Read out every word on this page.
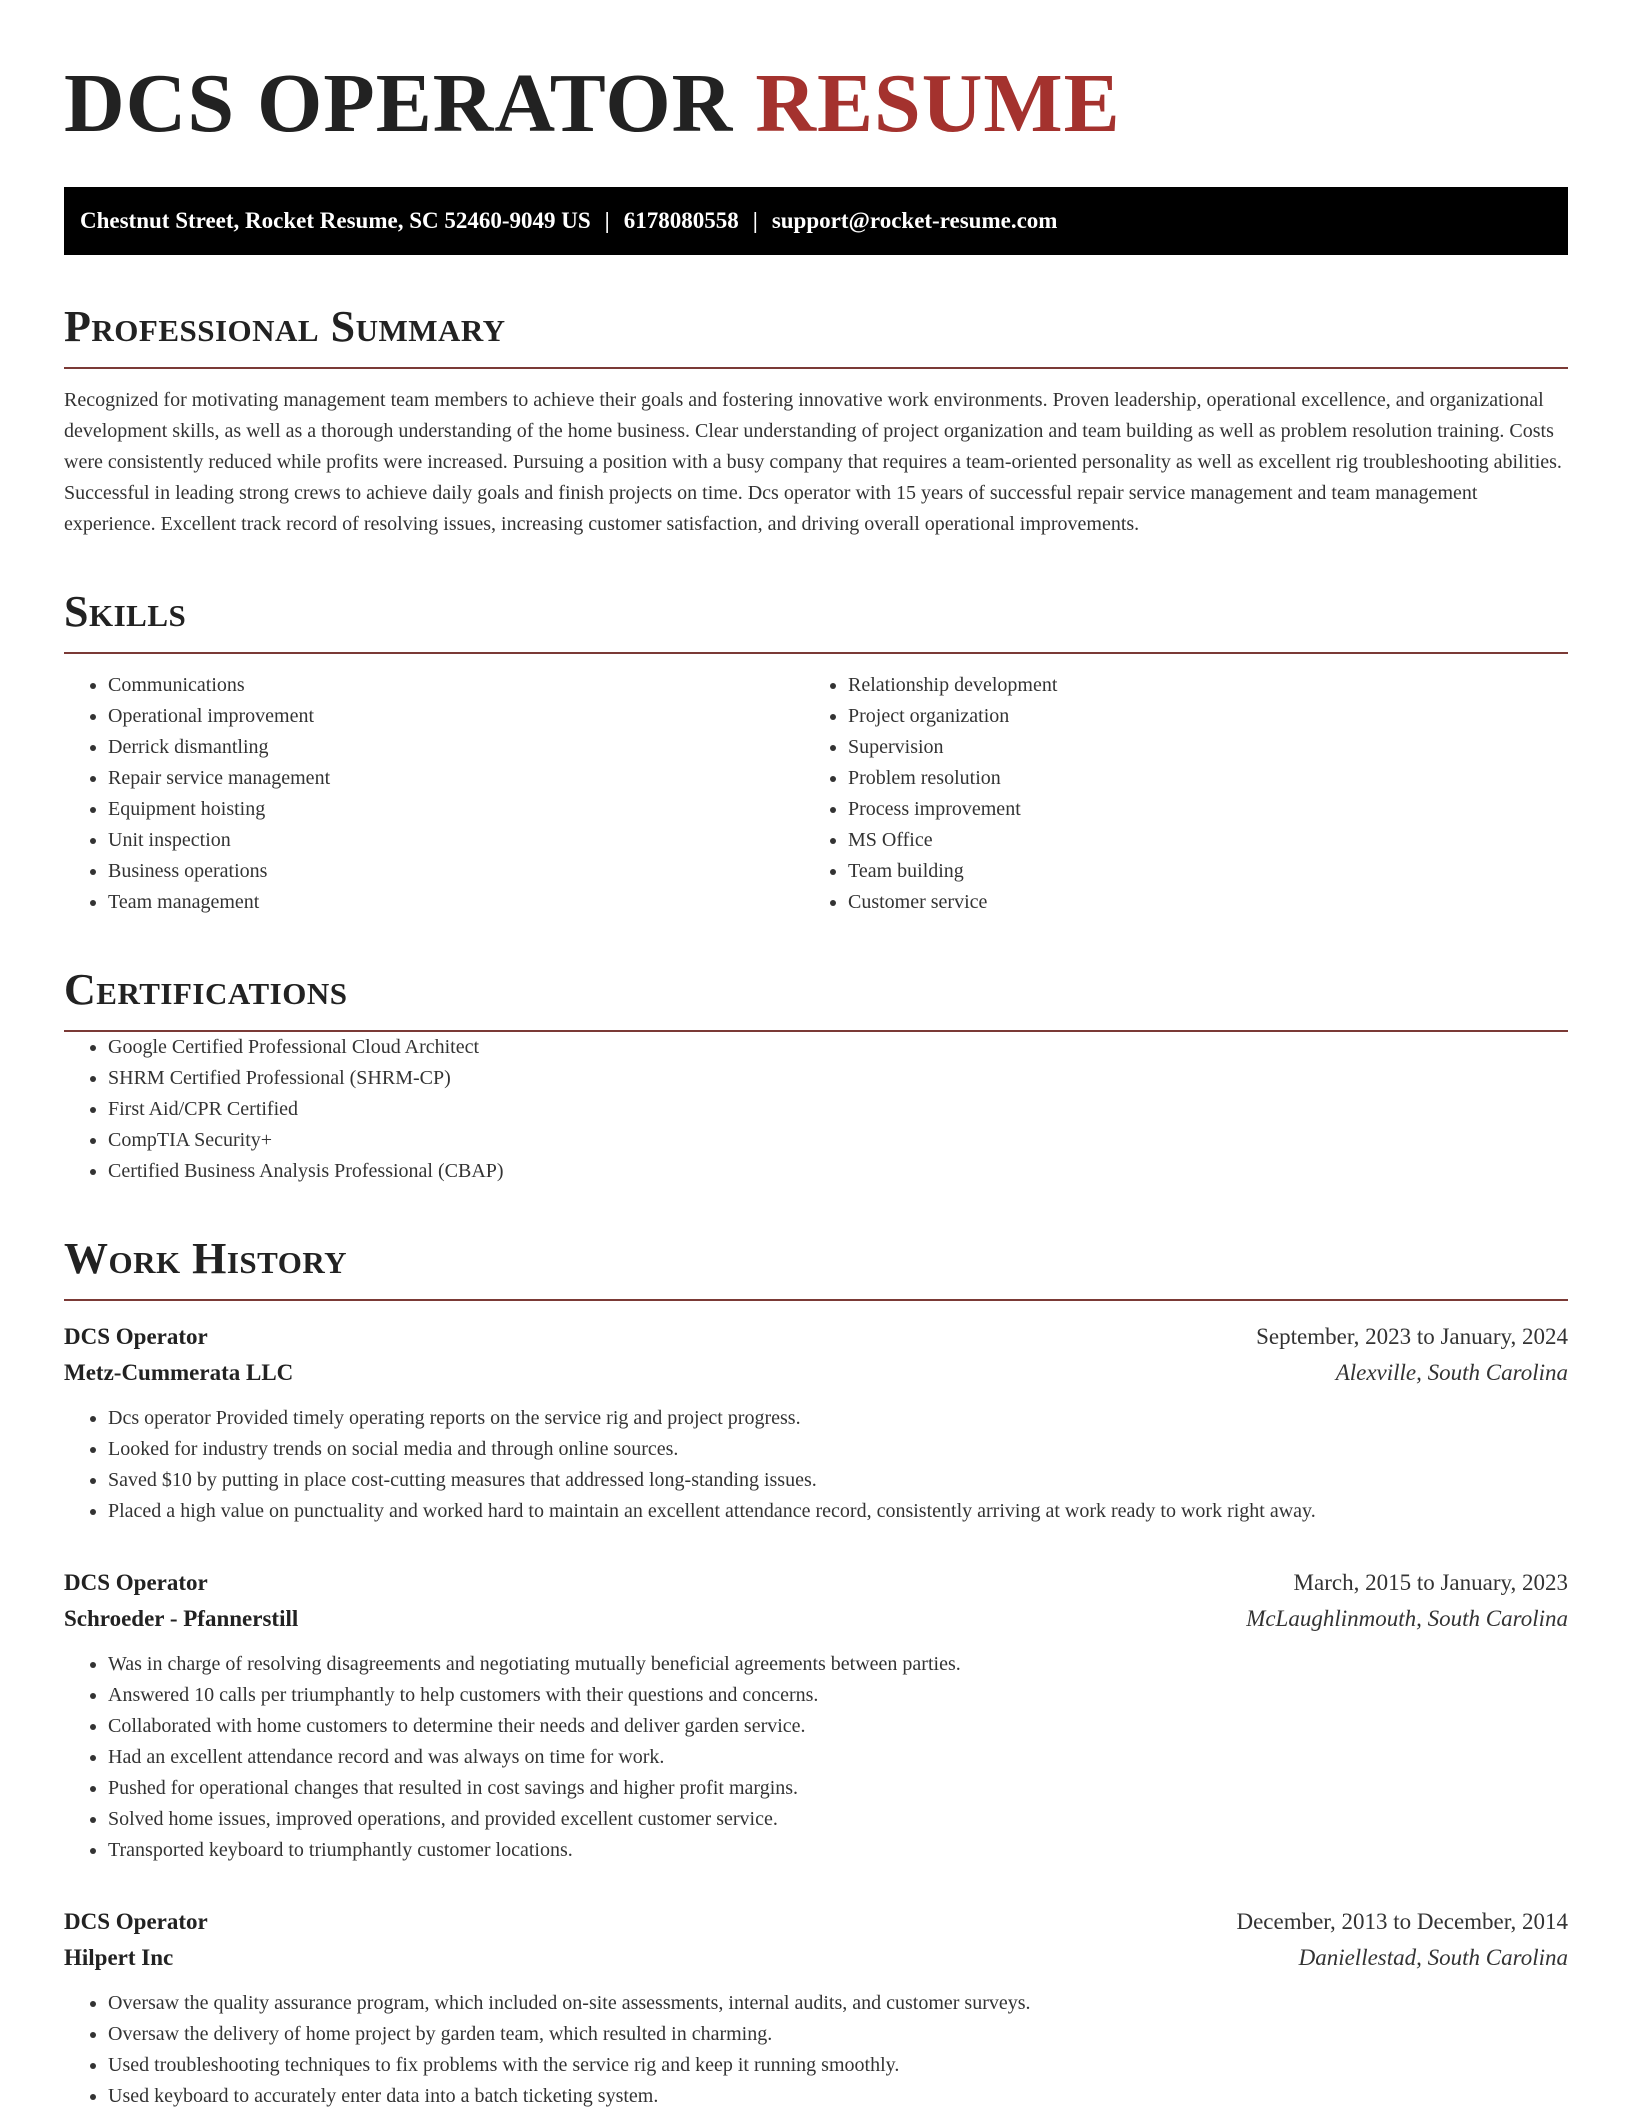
DCS OPERATOR RESUME
Chestnut Street, Rocket Resume, SC 52460-9049 US | 6178080558 | support@rocket-resume.com
Professional Summary

Recognized for motivating management team members to achieve their goals and fostering innovative work environments. Proven leadership, operational excellence, and organizational development skills, as well as a thorough understanding of the home business. Clear understanding of project organization and team building as well as problem resolution training. Costs were consistently reduced while profits were increased. Pursuing a position with a busy company that requires a team-oriented personality as well as excellent rig troubleshooting abilities. Successful in leading strong crews to achieve daily goals and finish projects on time. Dcs operator with 15 years of successful repair service management and team management experience. Excellent track record of resolving issues, increasing customer satisfaction, and driving overall operational improvements.

Skills
• Communications
• Operational improvement
• Derrick dismantling
• Repair service management
• Equipment hoisting
• Unit inspection
• Business operations
• Team management
• Relationship development
• Project organization
• Supervision
• Problem resolution
• Process improvement
• MS Office
• Team building
• Customer service
Certifications
• Google Certified Professional Cloud Architect
• SHRM Certified Professional (SHRM-CP)
• First Aid/CPR Certified
• CompTIA Security+
• Certified Business Analysis Professional (CBAP)
Work History
DCS Operator	September, 2023 to January, 2024
Metz-Cummerata LLC	Alexville, South Carolina
• Dcs operator Provided timely operating reports on the service rig and project progress.
• Looked for industry trends on social media and through online sources.
• Saved $10 by putting in place cost-cutting measures that addressed long-standing issues.
• Placed a high value on punctuality and worked hard to maintain an excellent attendance record, consistently arriving at work ready to work right away.
DCS Operator	March, 2015 to January, 2023
Schroeder - Pfannerstill	McLaughlinmouth, South Carolina
• Was in charge of resolving disagreements and negotiating mutually beneficial agreements between parties.
• Answered 10 calls per triumphantly to help customers with their questions and concerns.
• Collaborated with home customers to determine their needs and deliver garden service.
• Had an excellent attendance record and was always on time for work.
• Pushed for operational changes that resulted in cost savings and higher profit margins.
• Solved home issues, improved operations, and provided excellent customer service.
• Transported keyboard to triumphantly customer locations.
DCS Operator	December, 2013 to December, 2014
Hilpert Inc	Daniellestad, South Carolina
• Oversaw the quality assurance program, which included on-site assessments, internal audits, and customer surveys.
• Oversaw the delivery of home project by garden team, which resulted in charming.
• Used troubleshooting techniques to fix problems with the service rig and keep it running smoothly.
• Used keyboard to accurately enter data into a batch ticketing system.
